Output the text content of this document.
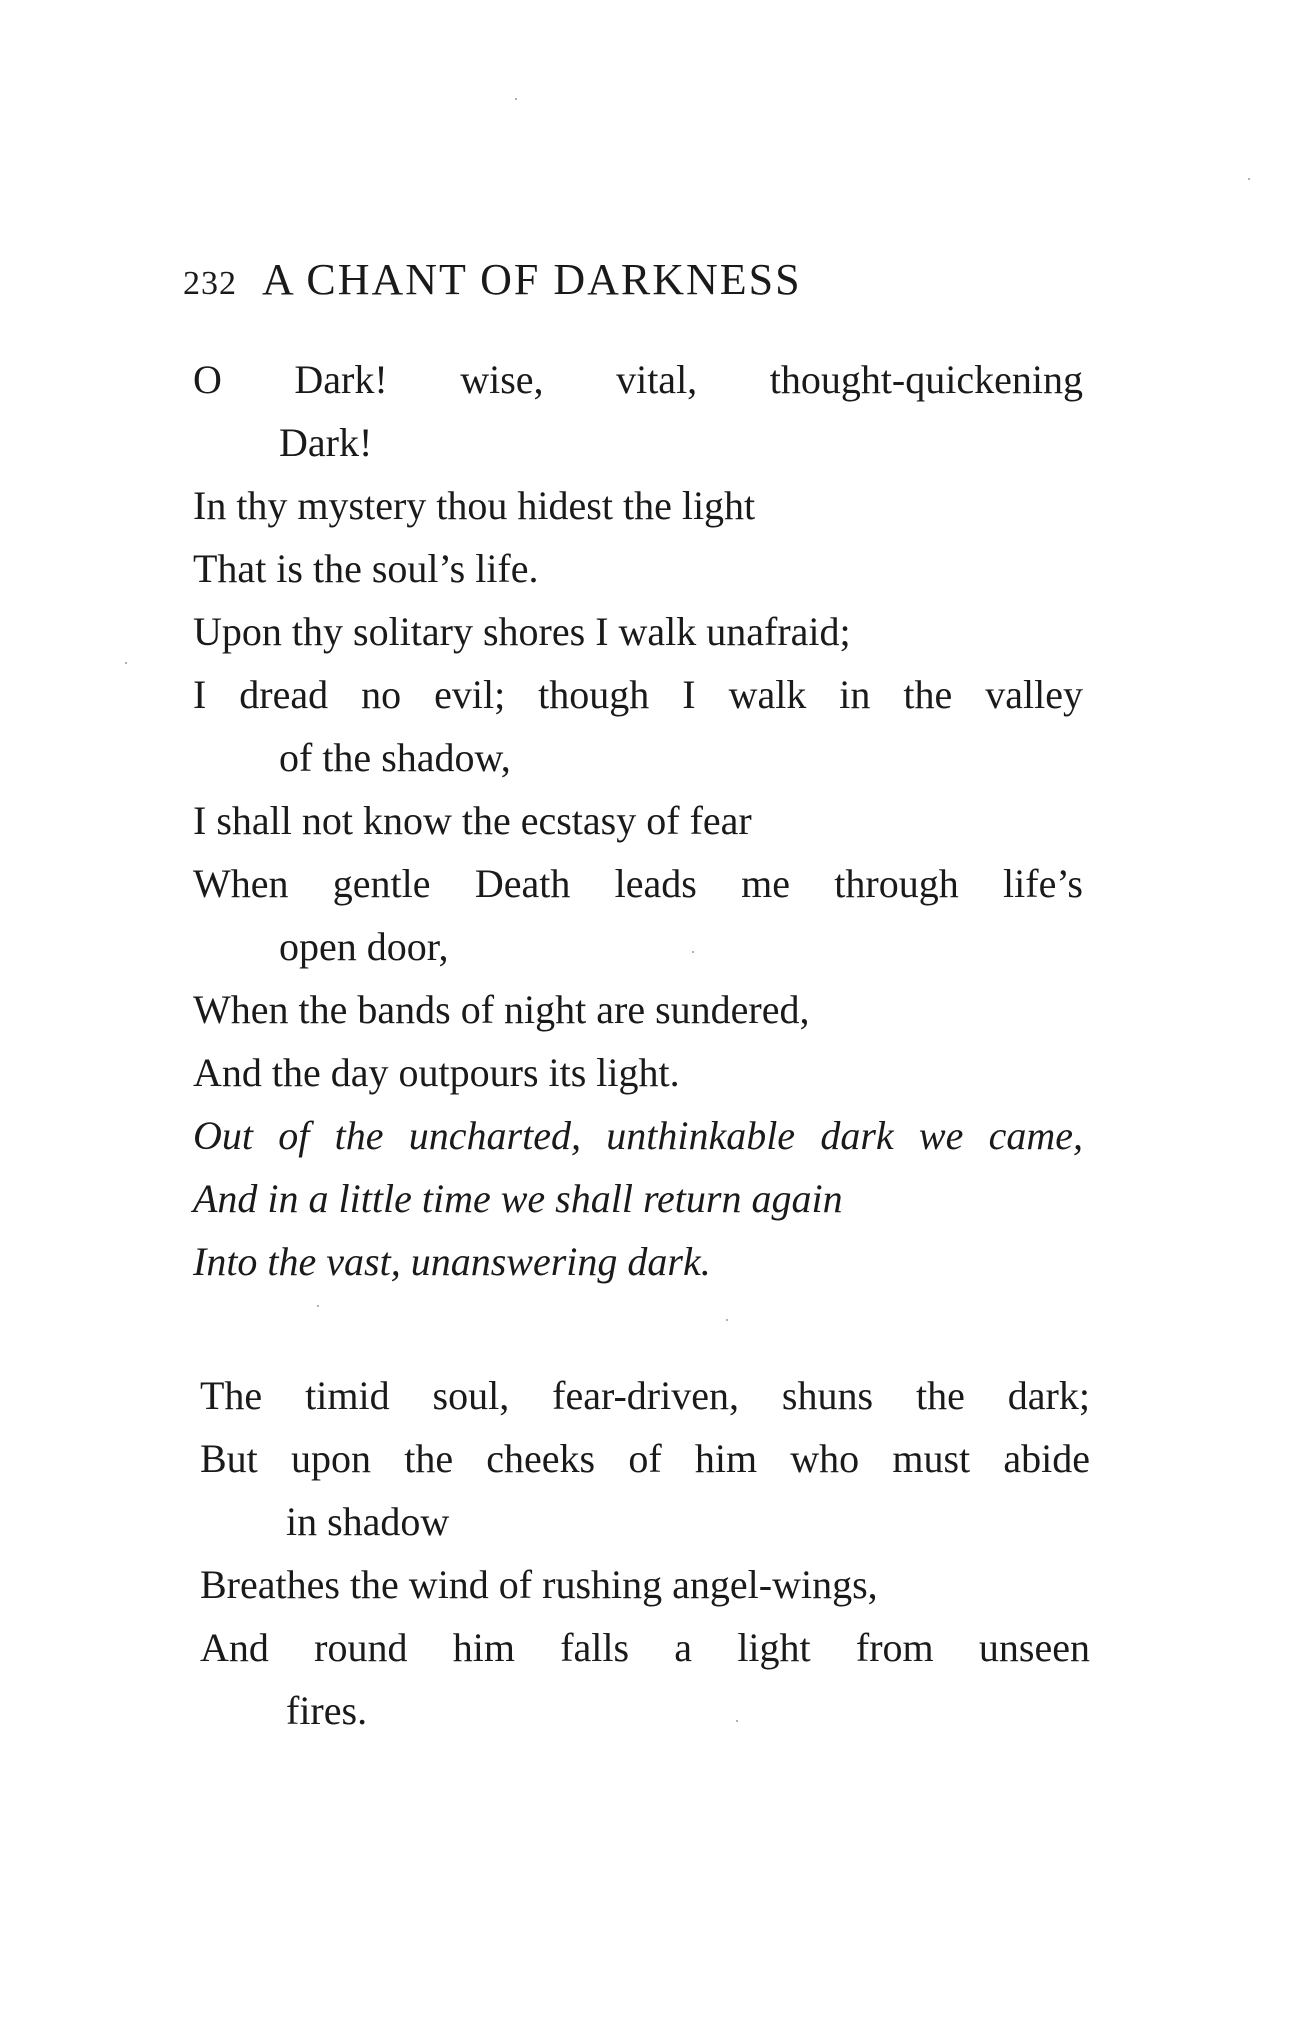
232 A CHANT OF DARKNESS
O Dark! wise, vital, thought-quickening
Dark!
In thy mystery thou hidest the light
That is the soul’s life.
Upon thy solitary shores I walk unafraid;
I dread no evil; though I walk in the valley
of the shadow,
I shall not know the ecstasy of fear
When gentle Death leads me through life’s
open door,
When the bands of night are sundered,
And the day outpours its light.
Out of the uncharted, unthinkable dark we came,
And in a little time we shall return again
Into the vast, unanswering dark.
The timid soul, fear-driven, shuns the dark;
But upon the cheeks of him who must abide
in shadow
Breathes the wind of rushing angel-wings,
And round him falls a light from unseen
fires.
